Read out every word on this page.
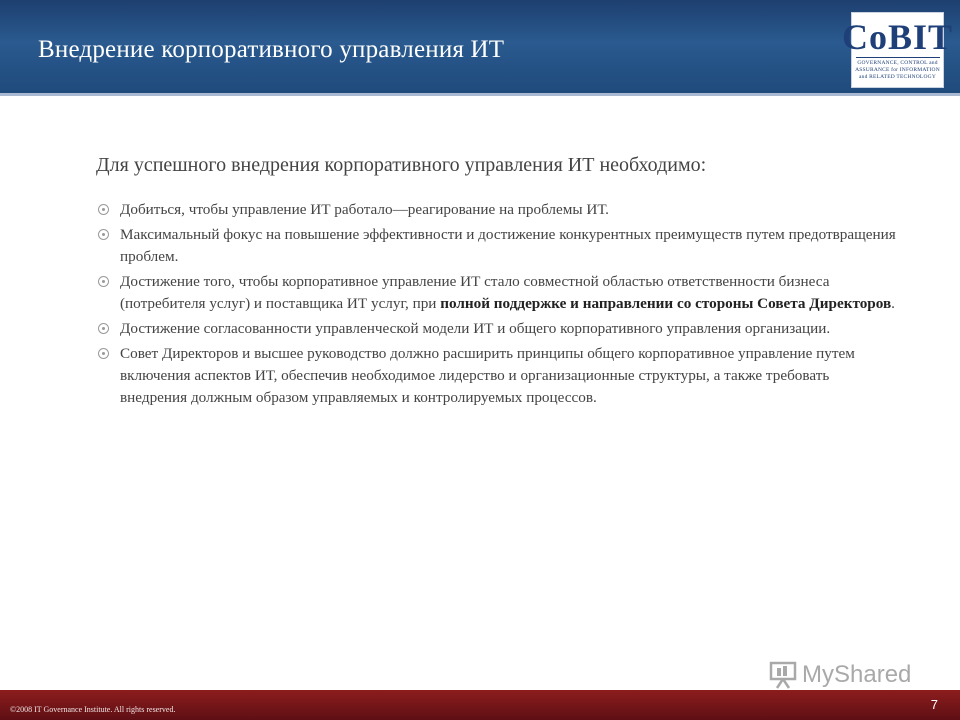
Внедрение корпоративного управления ИТ	CoBIT
GOVERNANCE, CONTROL and ASSURANCE for INFORMATION and RELATED TECHNOLOGY
Для успешного внедрения корпоративного управления ИТ необходимо:
Добиться, чтобы управление ИТ работало—реагирование на проблемы ИТ.
Максимальный фокус на повышение эффективности и достижение конкурентных преимуществ путем предотвращения проблем.
Достижение того, чтобы корпоративное управление ИТ стало совместной областью ответственности бизнеса (потребителя услуг) и поставщика ИТ услуг, при полной поддержке и направлении со стороны Совета Директоров.
Достижение согласованности управленческой модели ИТ и общего корпоративного управления организации.
Совет Директоров и высшее руководство должно расширить принципы общего корпоративное управление путем включения аспектов ИТ, обеспечив необходимое лидерство и организационные структуры, а также требовать внедрения должным образом управляемых и контролируемых процессов.
MyShared
©2008 IT Governance Institute. All rights reserved.	7
